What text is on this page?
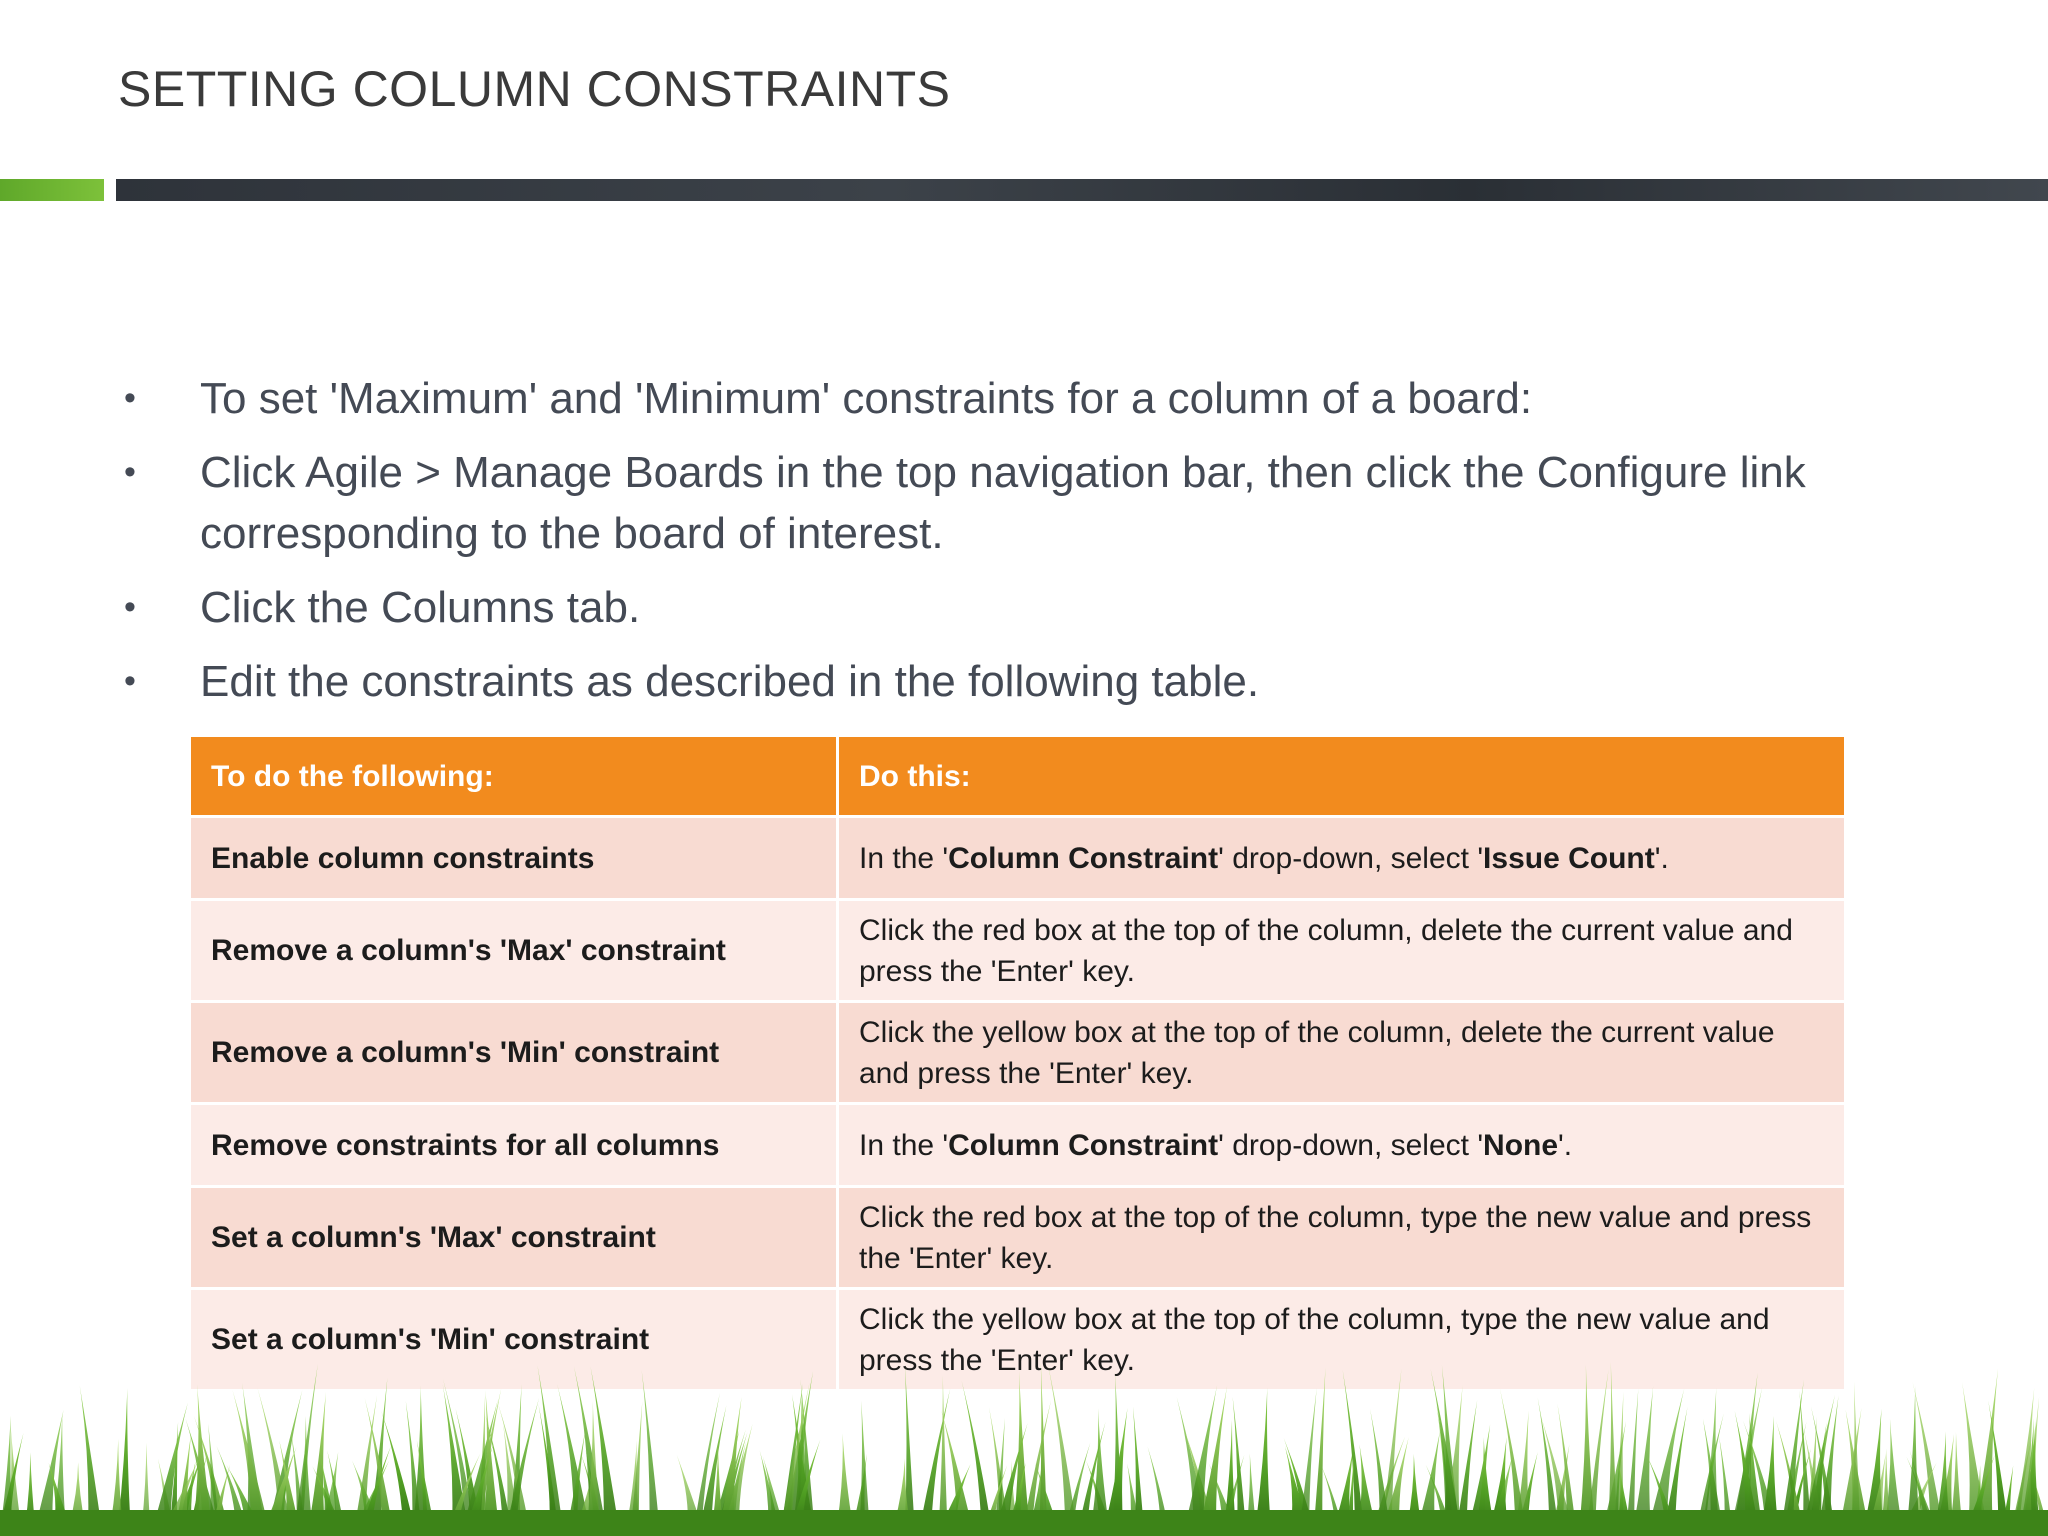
SETTING COLUMN CONSTRAINTS
• To set 'Maximum' and 'Minimum' constraints for a column of a board:
• Click Agile > Manage Boards in the top navigation bar, then click the Configure link corresponding to the board of interest.
• Click the Columns tab.
• Edit the constraints as described in the following table.
To do the following:	Do this:
Enable column constraints	In the 'Column Constraint' drop-down, select 'Issue Count'.
Remove a column's 'Max' constraint	Click the red box at the top of the column, delete the current value and press the 'Enter' key.
Remove a column's 'Min' constraint	Click the yellow box at the top of the column, delete the current value and press the 'Enter' key.
Remove constraints for all columns	In the 'Column Constraint' drop-down, select 'None'.
Set a column's 'Max' constraint	Click the red box at the top of the column, type the new value and press the 'Enter' key.
Set a column's 'Min' constraint	Click the yellow box at the top of the column, type the new value and press the 'Enter' key.
